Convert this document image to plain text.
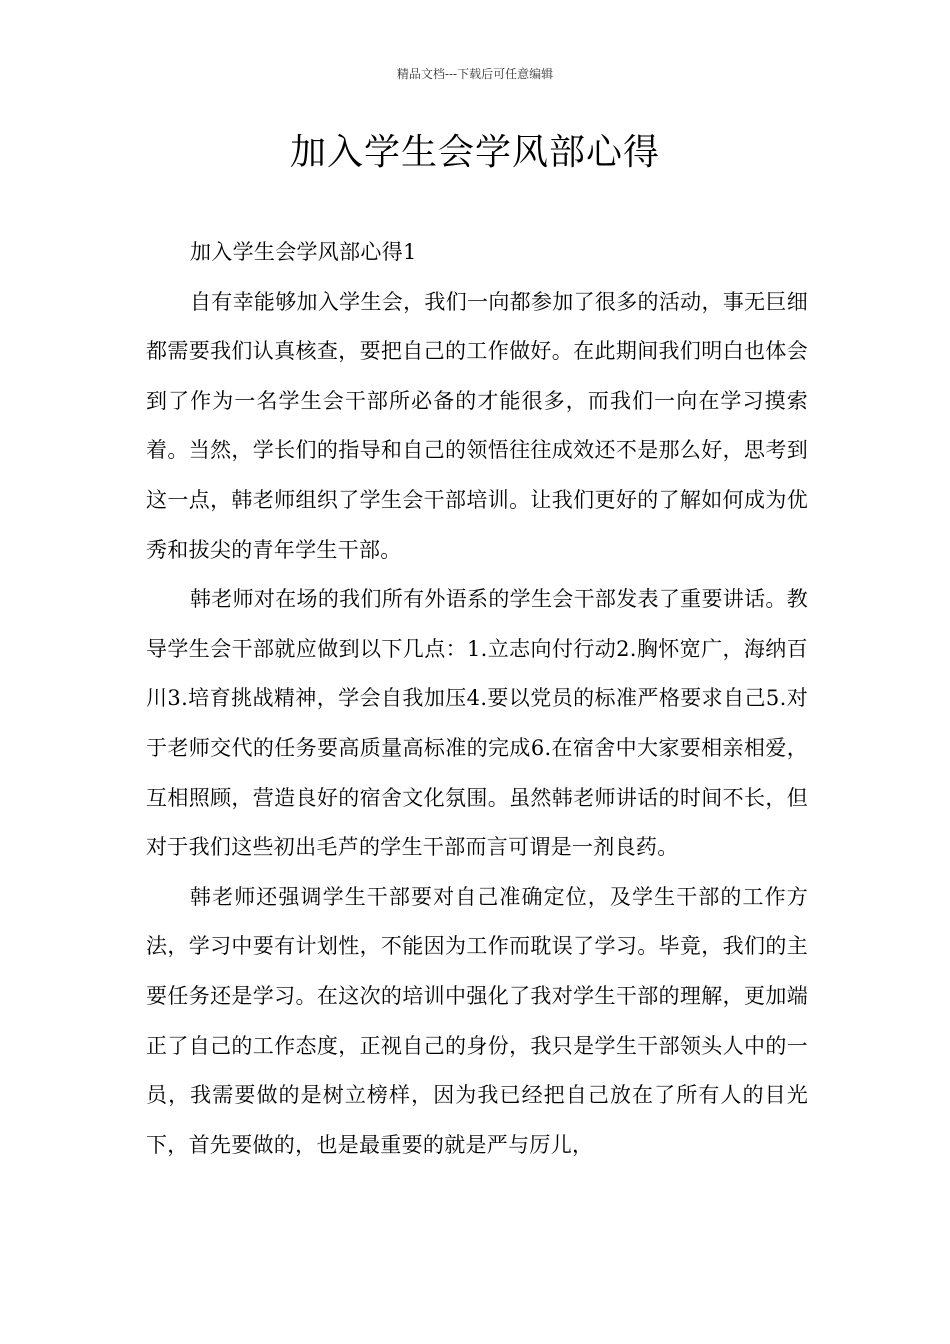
精品文档---下载后可任意编辑
加入学生会学风部心得
加入学生会学风部心得1

自有幸能够加入学生会，我们一向都参加了很多的活动，事无巨细都需要我们认真核查，要把自己的工作做好。在此期间我们明白也体会到了作为一名学生会干部所必备的才能很多，而我们一向在学习摸索着。当然，学长们的指导和自己的领悟往往成效还不是那么好，思考到这一点，韩老师组织了学生会干部培训。让我们更好的了解如何成为优秀和拔尖的青年学生干部。

韩老师对在场的我们所有外语系的学生会干部发表了重要讲话。教导学生会干部就应做到以下几点：1.立志向付行动2.胸怀宽广，海纳百川3.培育挑战精神，学会自我加压4.要以党员的标准严格要求自己5.对于老师交代的任务要高质量高标准的完成6.在宿舍中大家要相亲相爱，互相照顾，营造良好的宿舍文化氛围。虽然韩老师讲话的时间不长，但对于我们这些初出毛芦的学生干部而言可谓是一剂良药。

韩老师还强调学生干部要对自己准确定位，及学生干部的工作方法，学习中要有计划性，不能因为工作而耽误了学习。毕竟，我们的主要任务还是学习。在这次的培训中强化了我对学生干部的理解，更加端正了自己的工作态度，正视自己的身份，我只是学生干部领头人中的一员，我需要做的是树立榜样，因为我已经把自己放在了所有人的目光下，首先要做的，也是最重要的就是严与厉儿，
